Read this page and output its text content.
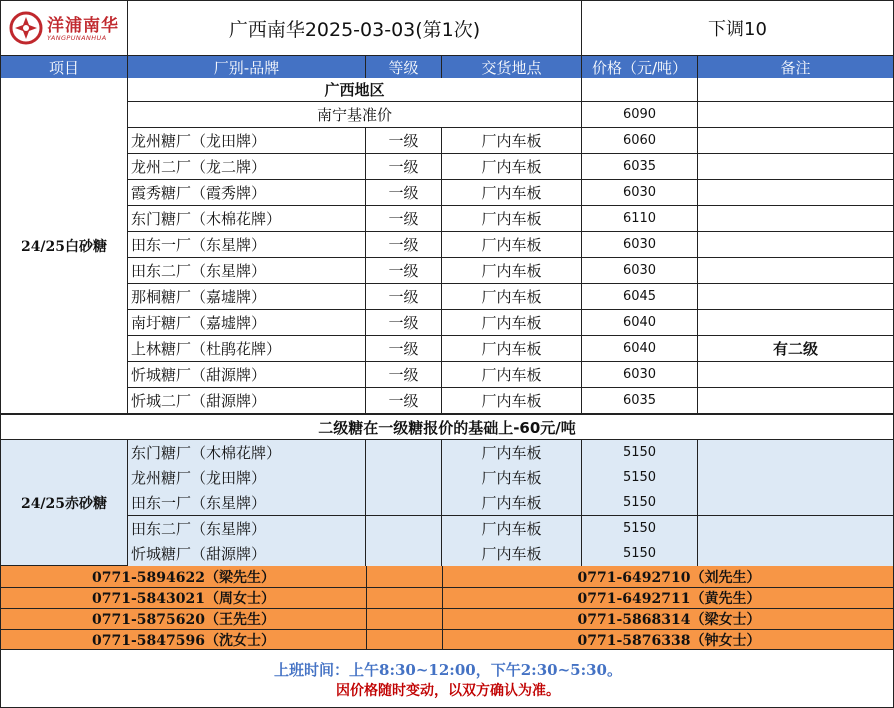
洋浦南华
YANGPUNANHUA	广西南华2025-03-03(第1次)	下调10
项目	厂别-品牌	等级	交货地点	价格（元/吨）	备注
24/25白砂糖
广西地区
南宁基准价	6090
龙州糖厂（龙田牌）	一级	厂内车板	6060
龙州二厂（龙二牌）	一级	厂内车板	6035
霞秀糖厂（霞秀牌）	一级	厂内车板	6030
东门糖厂（木棉花牌）	一级	厂内车板	6110
田东一厂（东星牌）	一级	厂内车板	6030
田东二厂（东星牌）	一级	厂内车板	6030
那桐糖厂（嘉墟牌）	一级	厂内车板	6045
南圩糖厂（嘉墟牌）	一级	厂内车板	6040
上林糖厂（杜鹃花牌）	一级	厂内车板	6040	有二级
忻城糖厂（甜源牌）	一级	厂内车板	6030
忻城二厂（甜源牌）	一级	厂内车板	6035
二级糖在一级糖报价的基础上-60元/吨
24/25赤砂糖
东门糖厂（木棉花牌）	厂内车板	5150
龙州糖厂（龙田牌）	厂内车板	5150
田东一厂（东星牌）	厂内车板	5150
田东二厂（东星牌）	厂内车板	5150
忻城糖厂（甜源牌）	厂内车板	5150
0771-5894622（梁先生）	0771-6492710（刘先生）
0771-5843021（周女士）	0771-6492711（黄先生）
0771-5875620（王先生）	0771-5868314（梁女士）
0771-5847596（沈女士）	0771-5876338（钟女士）
上班时间：上午8:30~12:00，下午2:30~5:30。
因价格随时变动，以双方确认为准。
